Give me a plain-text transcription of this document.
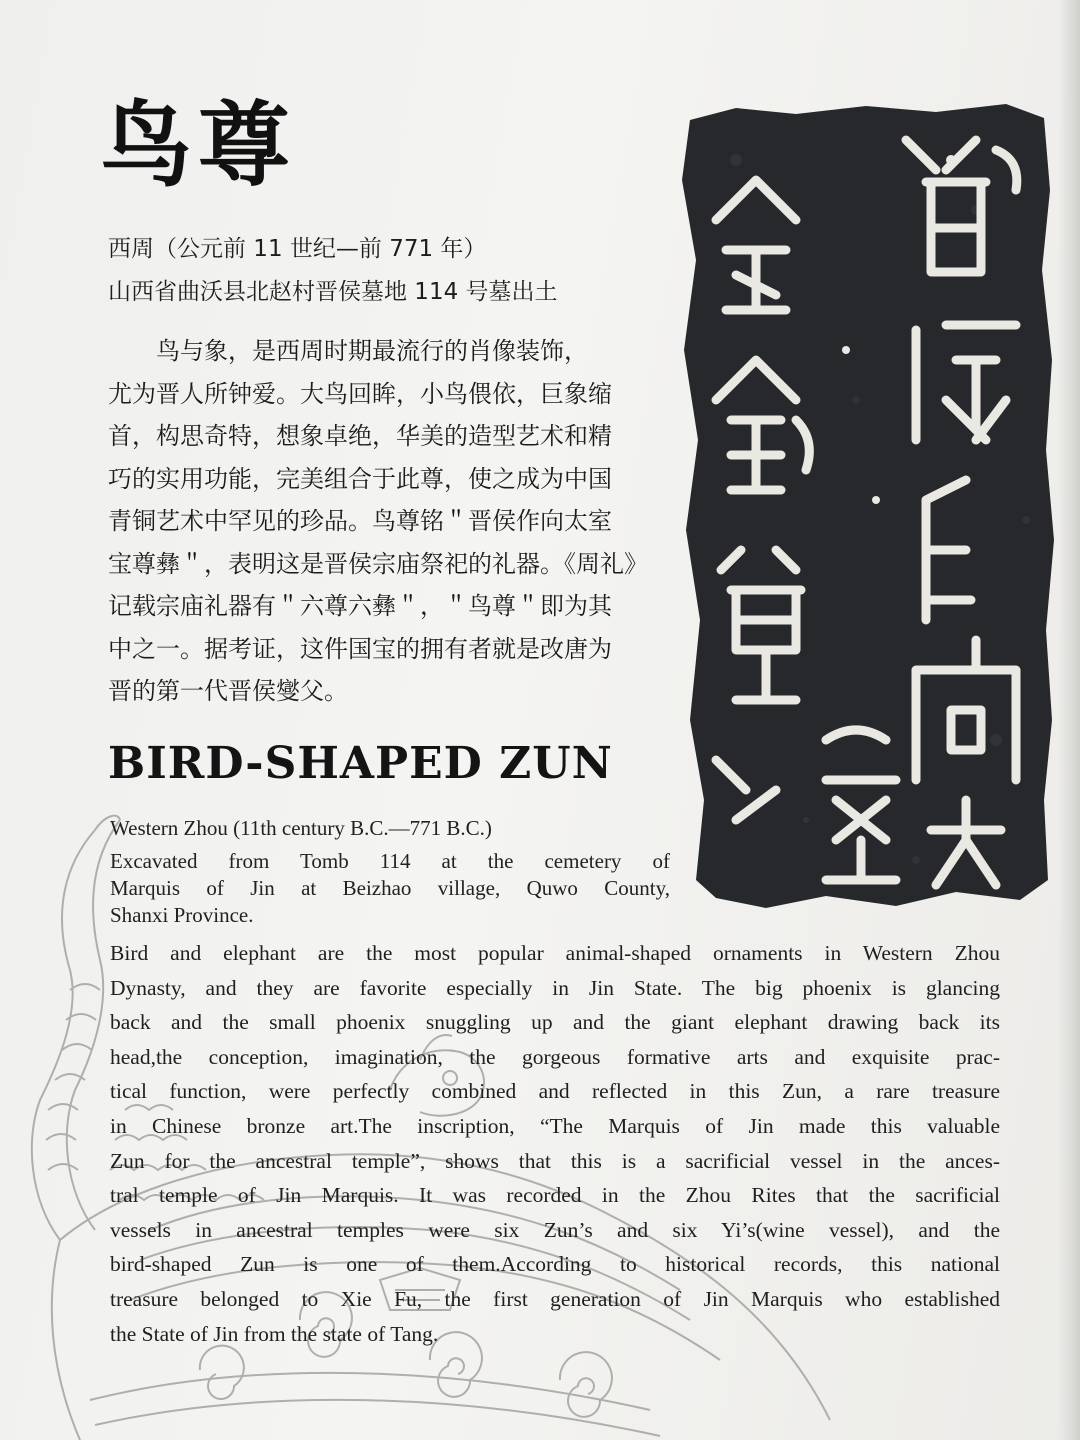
鸟尊
西周（公元前 11 世纪—前 771 年）
山西省曲沃县北赵村晋侯墓地 114 号墓出土

鸟与象，是西周时期最流行的肖像装饰，
尤为晋人所钟爱。大鸟回眸，小鸟偎依，巨象缩
首，构思奇特，想象卓绝，华美的造型艺术和精
巧的实用功能，完美组合于此尊，使之成为中国
青铜艺术中罕见的珍品。鸟尊铭＂晋侯作向太室
宝尊彝＂，表明这是晋侯宗庙祭祀的礼器。《周礼》
记载宗庙礼器有＂六尊六彝＂，＂鸟尊＂即为其
中之一。据考证，这件国宝的拥有者就是改唐为
晋的第一代晋侯燮父。

BIRD-SHAPED ZUN
Western Zhou (11th century B.C.—771 B.C.)

Excavated from Tomb 114 at the cemetery of
Marquis of Jin at Beizhao village, Quwo County,
Shanxi Province.

Bird and elephant are the most popular animal-shaped ornaments in Western Zhou
Dynasty, and they are favorite especially in Jin State. The big phoenix is glancing
back and the small phoenix snuggling up and the giant elephant drawing back its
head,the conception, imagination, the gorgeous formative arts and exquisite prac-
tical function, were perfectly combined and reflected in this Zun, a rare treasure
in Chinese bronze art.The inscription, “The Marquis of Jin made this valuable
Zun for the ancestral temple”, shows that this is a sacrificial vessel in the ances-
tral temple of Jin Marquis. It was recorded in the Zhou Rites that the sacrificial
vessels in ancestral temples were six Zun’s and six Yi’s(wine vessel), and the
bird-shaped Zun is one of them.According to historical records, this national
treasure belonged to Xie Fu, the first generation of Jin Marquis who established
the State of Jin from the state of Tang.
